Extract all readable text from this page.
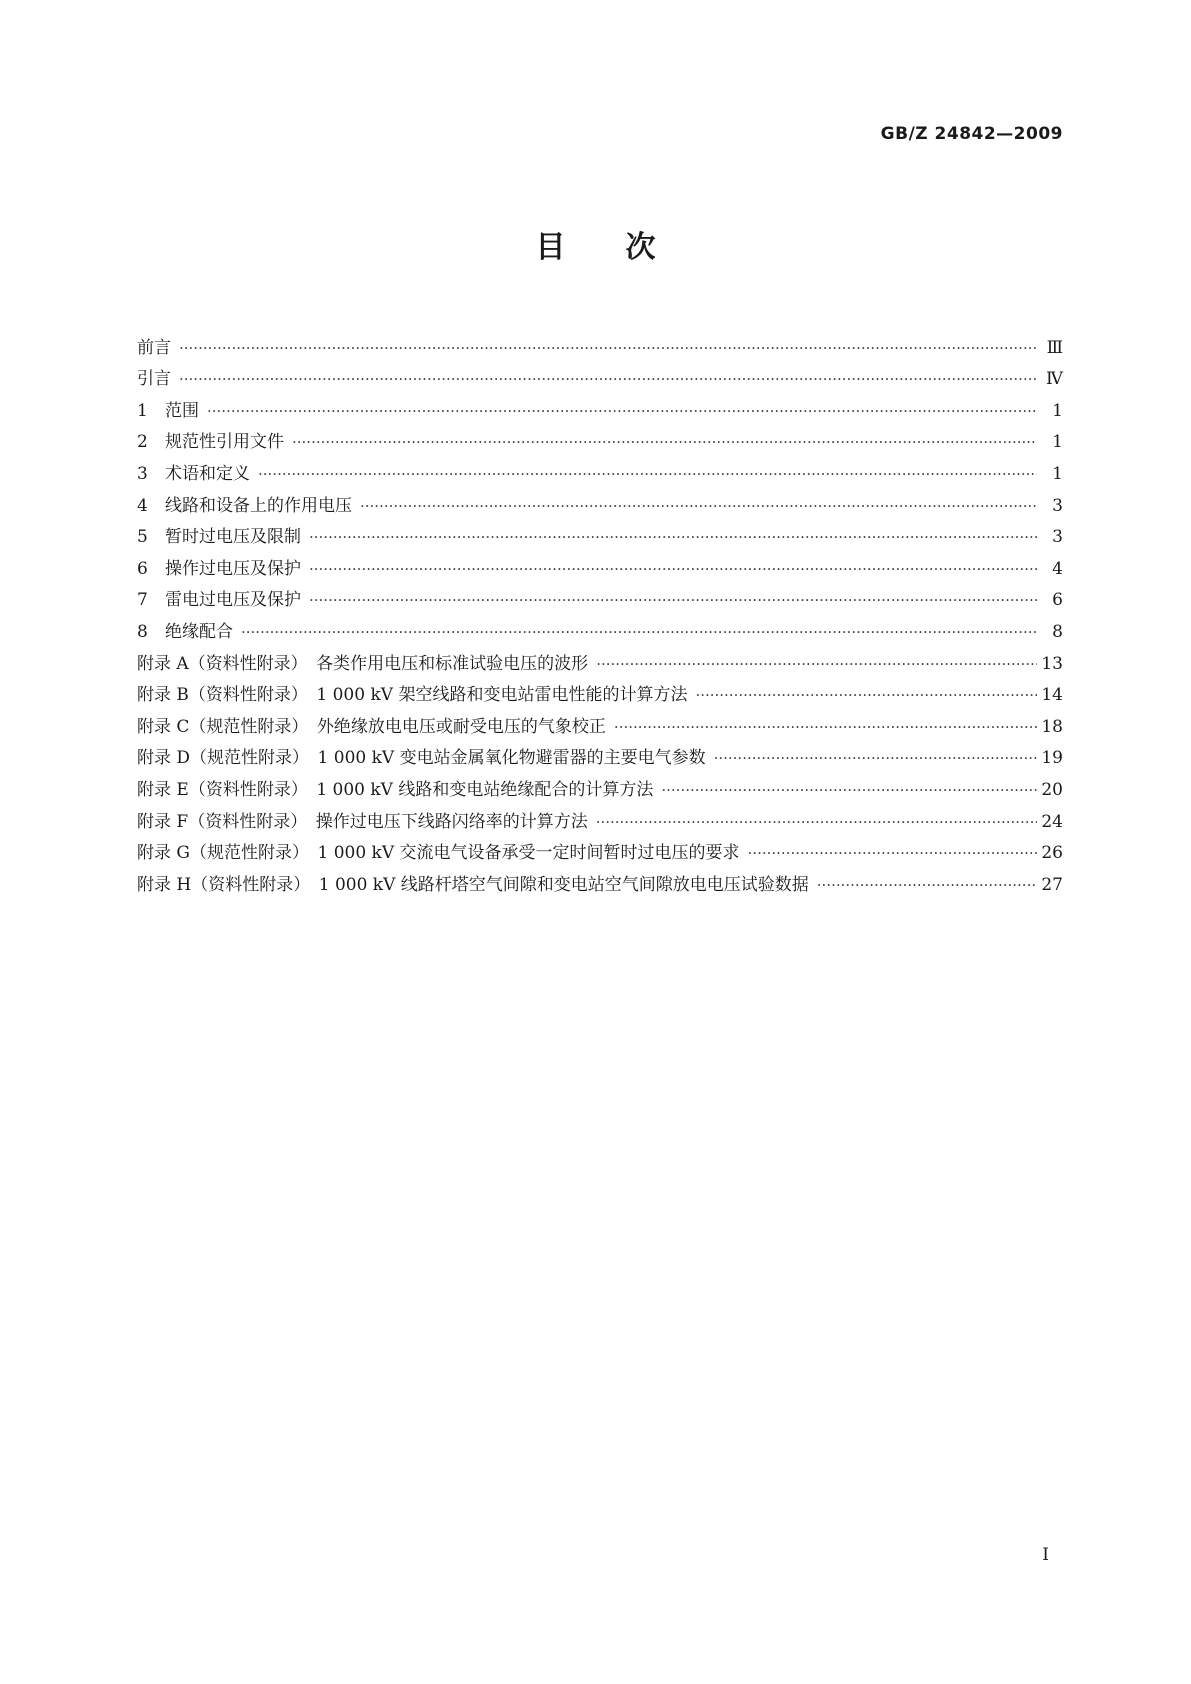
GB/Z 24842—2009
目次
前言 ·····	Ⅲ
引言 ·····	Ⅳ
1 范围 ·····	1
2 规范性引用文件 ·····	1
3 术语和定义 ·····	1
4 线路和设备上的作用电压 ·····	3
5 暂时过电压及限制 ·····	3
6 操作过电压及保护 ·····	4
7 雷电过电压及保护 ·····	6
8 绝缘配合 ·····	8
附录 A（资料性附录）　各类作用电压和标准试验电压的波形 ·····	13
附录 B（资料性附录）　1 000 kV 架空线路和变电站雷电性能的计算方法 ·····	14
附录 C（规范性附录）　外绝缘放电电压或耐受电压的气象校正 ·····	18
附录 D（规范性附录）　1 000 kV 变电站金属氧化物避雷器的主要电气参数 ·····	19
附录 E（资料性附录）　1 000 kV 线路和变电站绝缘配合的计算方法 ·····	20
附录 F（资料性附录）　操作过电压下线路闪络率的计算方法 ·····	24
附录 G（规范性附录）　1 000 kV 交流电气设备承受一定时间暂时过电压的要求 ·····	26
附录 H（资料性附录）　1 000 kV 线路杆塔空气间隙和变电站空气间隙放电电压试验数据 ·····	27
I
